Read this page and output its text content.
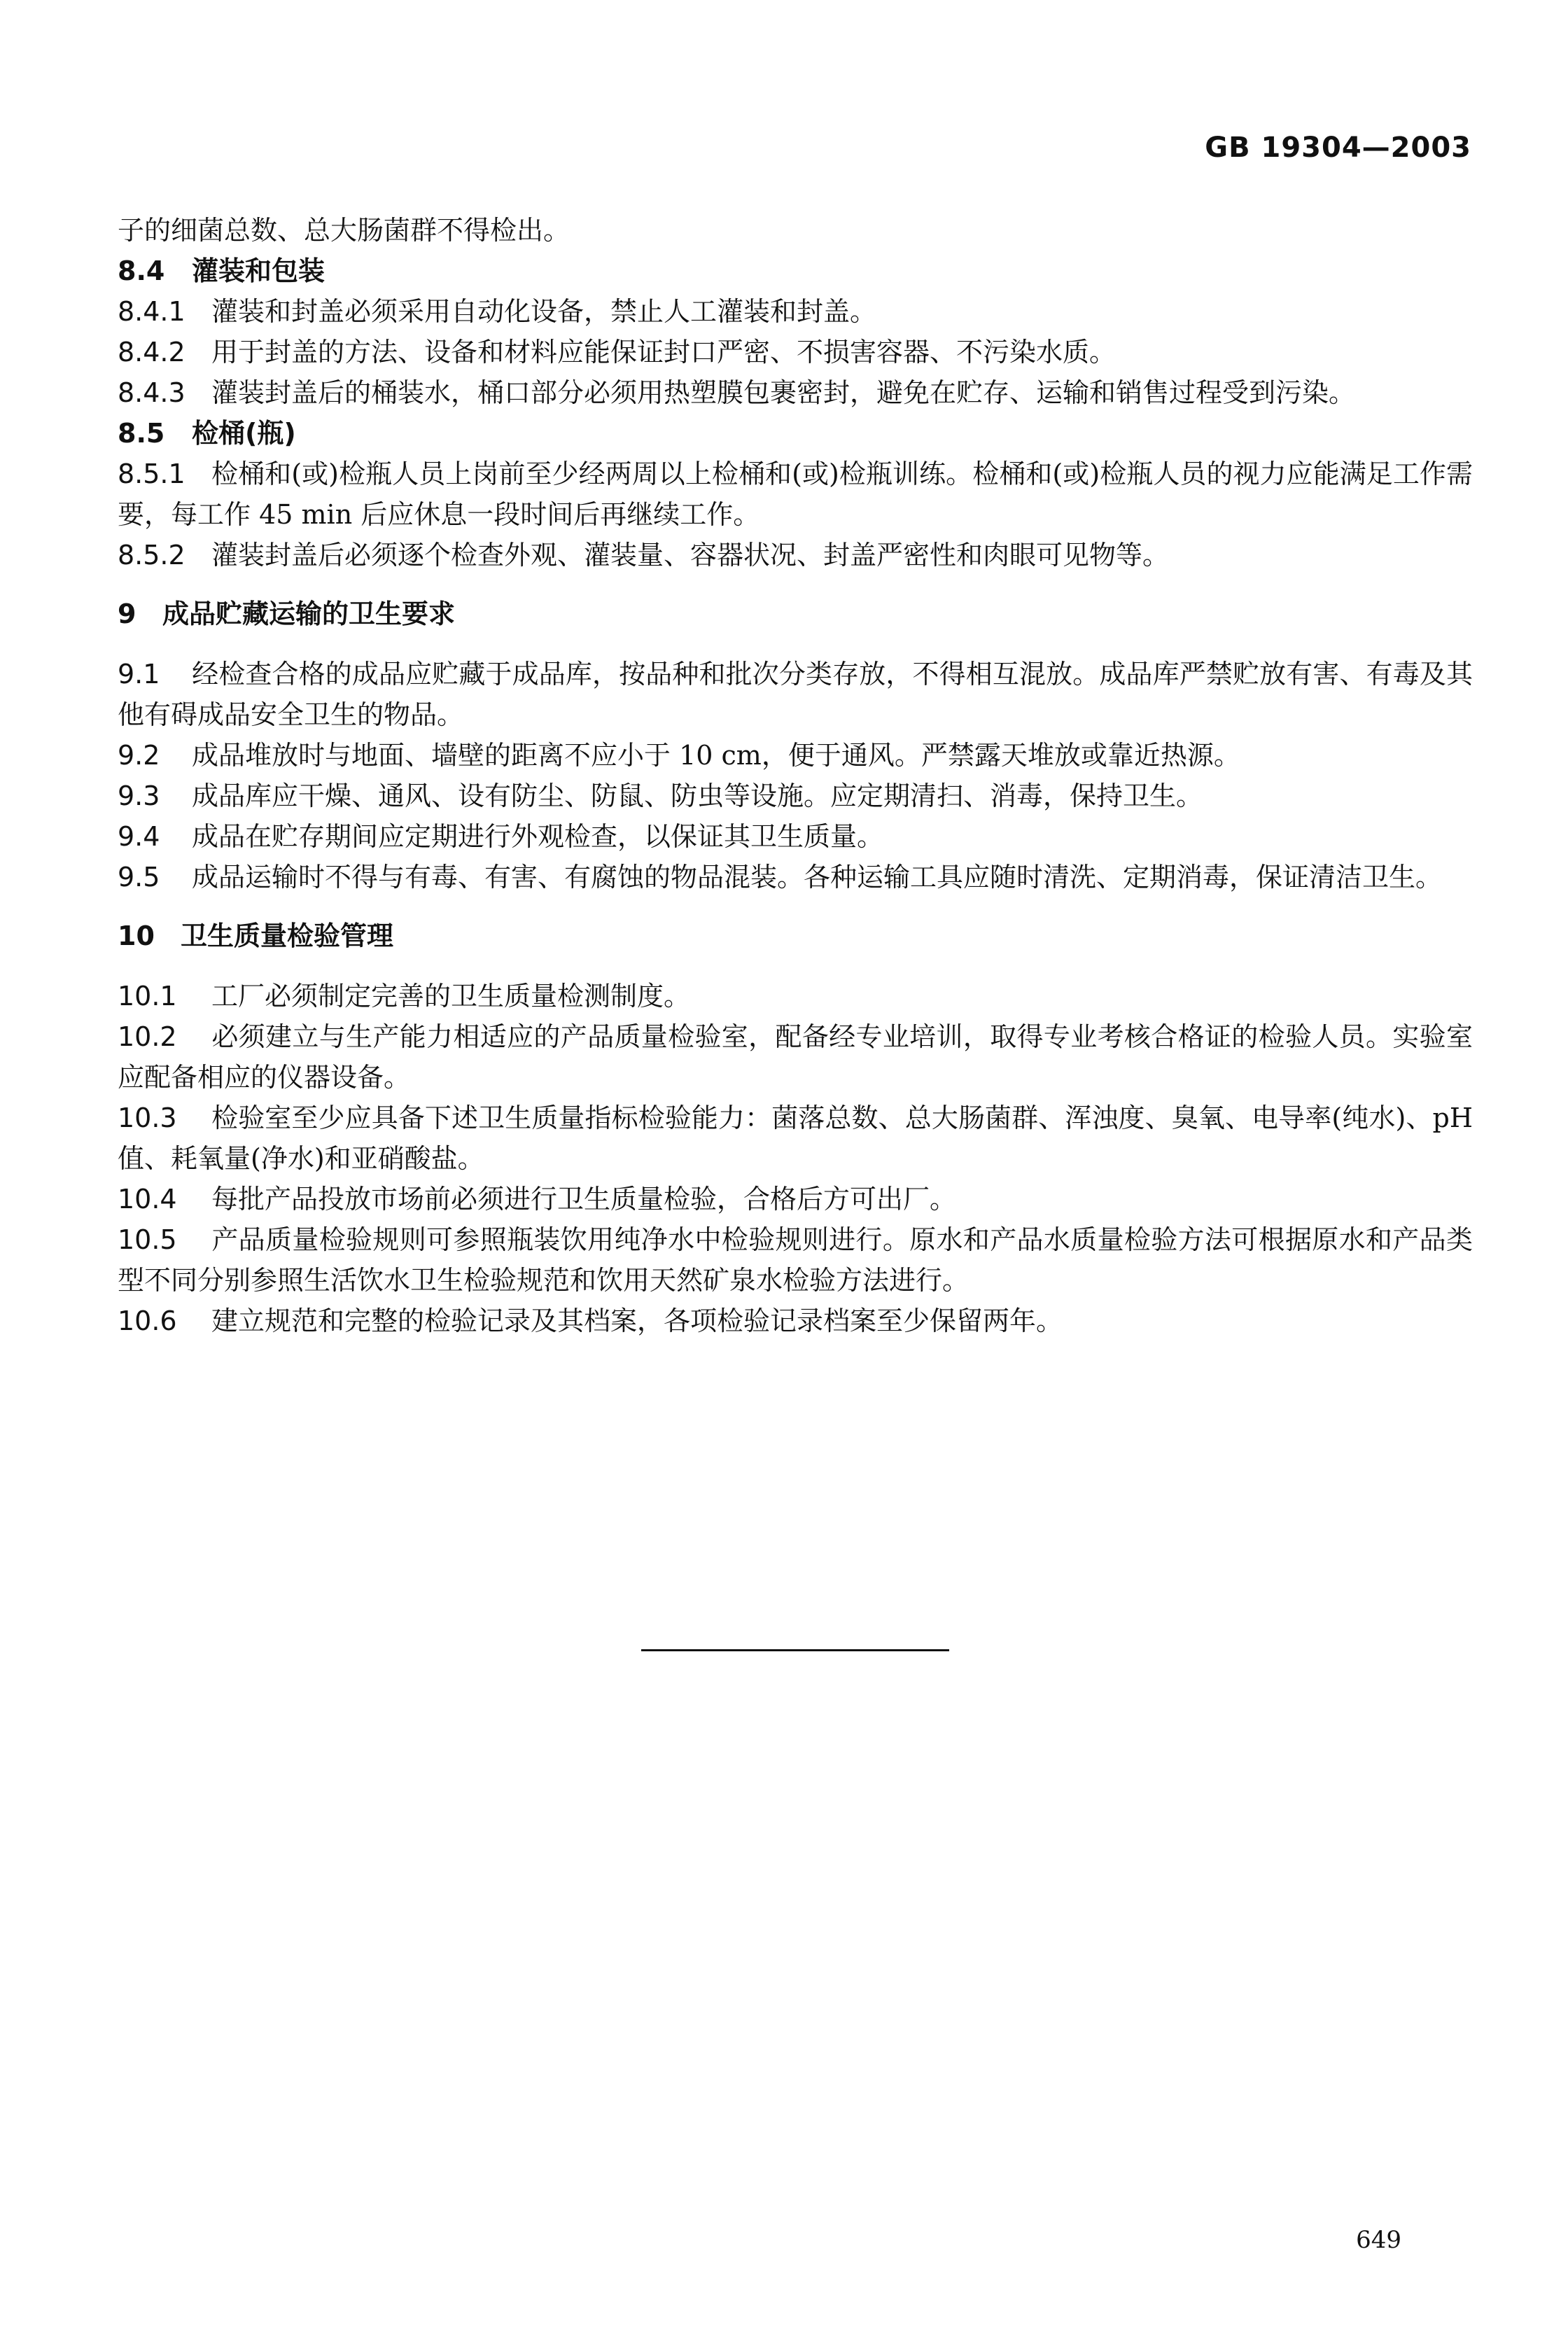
GB 19304—2003

子的细菌总数、总大肠菌群不得检出。

8.4 灌装和包装

8.4.1 灌装和封盖必须采用自动化设备，禁止人工灌装和封盖。

8.4.2 用于封盖的方法、设备和材料应能保证封口严密、不损害容器、不污染水质。

8.4.3 灌装封盖后的桶装水，桶口部分必须用热塑膜包裹密封，避免在贮存、运输和销售过程受到污染。

8.5 检桶(瓶)

8.5.1 检桶和(或)检瓶人员上岗前至少经两周以上检桶和(或)检瓶训练。检桶和(或)检瓶人员的视力应能满足工作需要，每工作 45 min 后应休息一段时间后再继续工作。

8.5.2 灌装封盖后必须逐个检查外观、灌装量、容器状况、封盖严密性和肉眼可见物等。

9 成品贮藏运输的卫生要求

9.1 经检查合格的成品应贮藏于成品库，按品种和批次分类存放，不得相互混放。成品库严禁贮放有害、有毒及其他有碍成品安全卫生的物品。

9.2 成品堆放时与地面、墙壁的距离不应小于 10 cm，便于通风。严禁露天堆放或靠近热源。

9.3 成品库应干燥、通风、设有防尘、防鼠、防虫等设施。应定期清扫、消毒，保持卫生。

9.4 成品在贮存期间应定期进行外观检查，以保证其卫生质量。

9.5 成品运输时不得与有毒、有害、有腐蚀的物品混装。各种运输工具应随时清洗、定期消毒，保证清洁卫生。

10 卫生质量检验管理

10.1 工厂必须制定完善的卫生质量检测制度。

10.2 必须建立与生产能力相适应的产品质量检验室，配备经专业培训，取得专业考核合格证的检验人员。实验室应配备相应的仪器设备。

10.3 检验室至少应具备下述卫生质量指标检验能力：菌落总数、总大肠菌群、浑浊度、臭氧、电导率(纯水)、pH 值、耗氧量(净水)和亚硝酸盐。

10.4 每批产品投放市场前必须进行卫生质量检验，合格后方可出厂。

10.5 产品质量检验规则可参照瓶装饮用纯净水中检验规则进行。原水和产品水质量检验方法可根据原水和产品类型不同分别参照生活饮水卫生检验规范和饮用天然矿泉水检验方法进行。

10.6 建立规范和完整的检验记录及其档案，各项检验记录档案至少保留两年。

649
